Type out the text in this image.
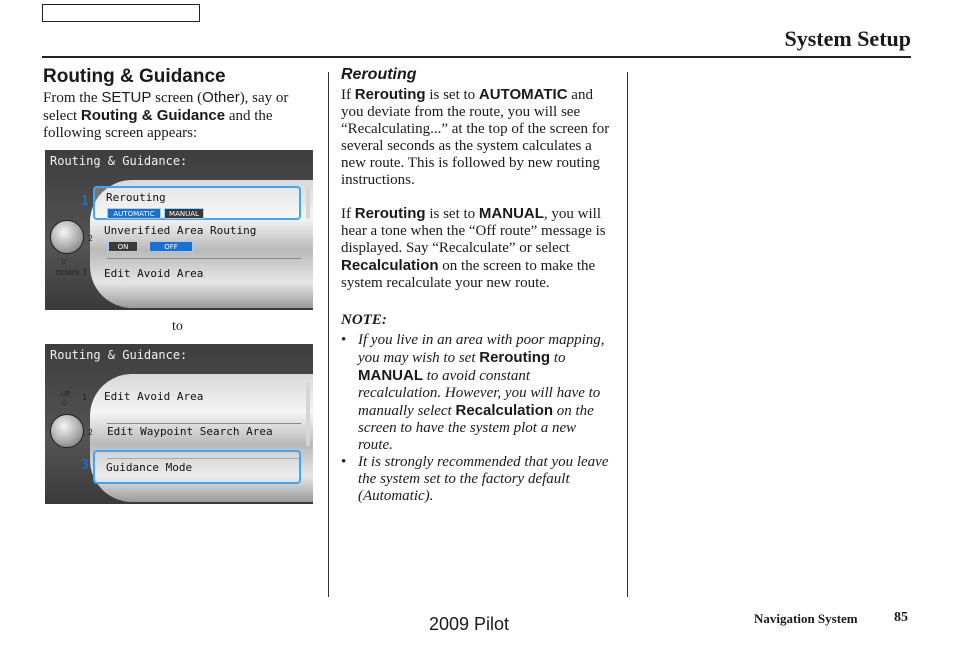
System Setup
Routing & Guidance

From the SETUP screen (Other), say or select Routing & Guidance and the following screen appears:

Routing & Guidance:
1
2
3
▽
DOWN
Rerouting
AUTOMATIC	MANUAL
Unverified Area Routing
ON	OFF
Edit Avoid Area
to
Routing & Guidance:
UP
△ 1
2
3
Edit Avoid Area
Edit Waypoint Search Area
Guidance Mode
Rerouting

If Rerouting is set to AUTOMATIC and you deviate from the route, you will see “Recalculating...” at the top of the screen for several seconds as the system calculates a new route. This is followed by new routing instructions.

If Rerouting is set to MANUAL, you will hear a tone when the “Off route” message is displayed. Say “Recalculate” or select Recalculation on the screen to make the system recalculate your new route.

NOTE:

• If you live in an area with poor mapping, you may wish to set Rerouting to MANUAL to avoid constant recalculation. However, you will have to manually select Recalculation on the screen to have the system plot a new route.
• It is strongly recommended that you leave the system set to the factory default (Automatic).
2009 Pilot	Navigation System	85
